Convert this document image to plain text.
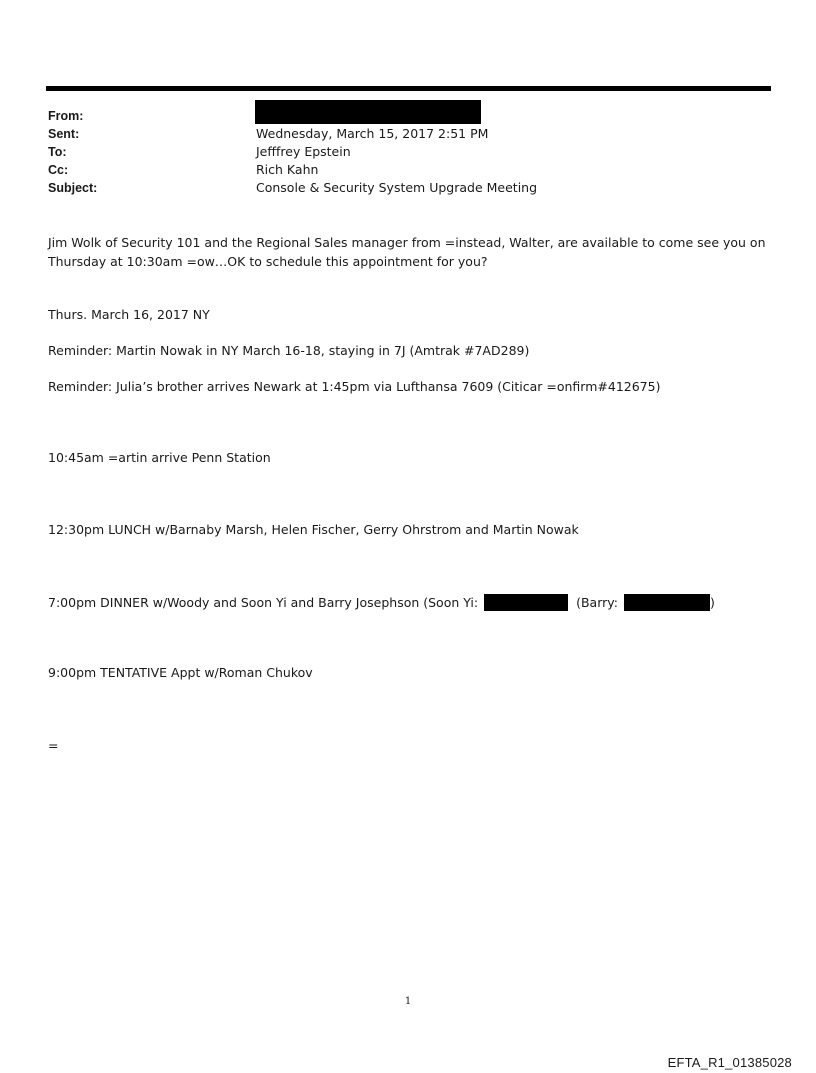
From:
Sent:	Wednesday, March 15, 2017 2:51 PM
To:	Jefffrey Epstein
Cc:	Rich Kahn
Subject:	Console & Security System Upgrade Meeting
Jim Wolk of Security 101 and the Regional Sales manager from =instead, Walter, are available to come see you on
Thursday at 10:30am =ow…OK to schedule this appointment for you?
Thurs. March 16, 2017 NY
Reminder: Martin Nowak in NY March 16-18, staying in 7J (Amtrak #7AD289)
Reminder: Julia’s brother arrives Newark at 1:45pm via Lufthansa 7609 (Citicar =onfirm#412675)
10:45am =artin arrive Penn Station
12:30pm LUNCH w/Barnaby Marsh, Helen Fischer, Gerry Ohrstrom and Martin Nowak
7:00pm DINNER w/Woody and Soon Yi and Barry Josephson (Soon Yi:	(Barry:	)
9:00pm TENTATIVE Appt w/Roman Chukov
=
1
EFTA_R1_01385028
